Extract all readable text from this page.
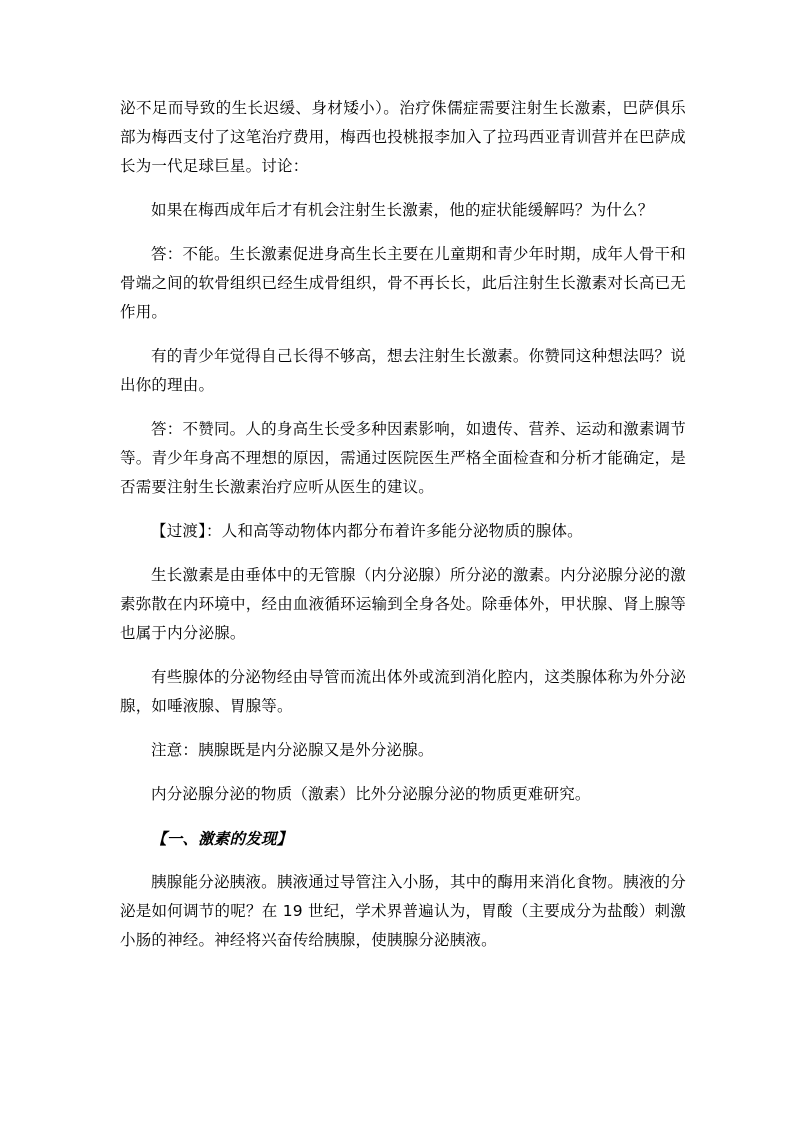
泌不足而导致的生长迟缓、身材矮小）。治疗侏儒症需要注射生长激素，巴萨俱乐部为梅西支付了这笔治疗费用，梅西也投桃报李加入了拉玛西亚青训营并在巴萨成长为一代足球巨星。讨论：

如果在梅西成年后才有机会注射生长激素，他的症状能缓解吗？为什么？

答：不能。生长激素促进身高生长主要在儿童期和青少年时期，成年人骨干和骨端之间的软骨组织已经生成骨组织，骨不再长长，此后注射生长激素对长高已无作用。

有的青少年觉得自己长得不够高，想去注射生长激素。你赞同这种想法吗？说出你的理由。

答：不赞同。人的身高生长受多种因素影响，如遗传、营养、运动和激素调节等。青少年身高不理想的原因，需通过医院医生严格全面检查和分析才能确定，是否需要注射生长激素治疗应听从医生的建议。

【过渡】：人和高等动物体内都分布着许多能分泌物质的腺体。

生长激素是由垂体中的无管腺（内分泌腺）所分泌的激素。内分泌腺分泌的激素弥散在内环境中，经由血液循环运输到全身各处。除垂体外，甲状腺、肾上腺等也属于内分泌腺。

有些腺体的分泌物经由导管而流出体外或流到消化腔内，这类腺体称为外分泌腺，如唾液腺、胃腺等。

注意：胰腺既是内分泌腺又是外分泌腺。

内分泌腺分泌的物质（激素）比外分泌腺分泌的物质更难研究。

【一、激素的发现】

胰腺能分泌胰液。胰液通过导管注入小肠，其中的酶用来消化食物。胰液的分泌是如何调节的呢？在 19 世纪，学术界普遍认为，胃酸（主要成分为盐酸）刺激小肠的神经。神经将兴奋传给胰腺，使胰腺分泌胰液。
